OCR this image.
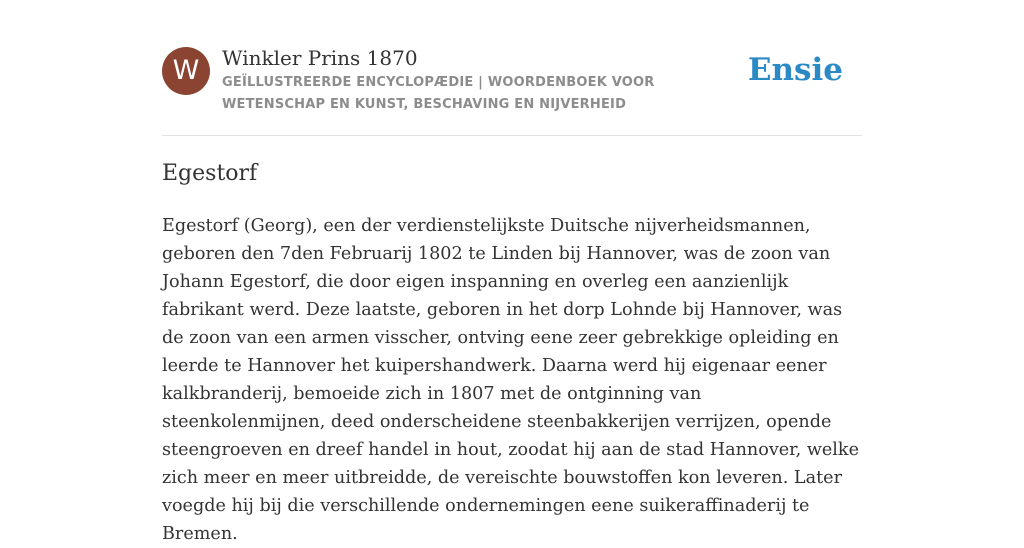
W	Winkler Prins 1870
GEÏLLUSTREERDE ENCYCLOPÆDIE | WOORDENBOEK VOOR WETENSCHAP EN KUNST, BESCHAVING EN NIJVERHEID
Ensie
Egestorf

Egestorf (Georg), een der verdienstelijkste Duitsche nijverheidsmannen, geboren den 7den Februarij 1802 te Linden bij Hannover, was de zoon van Johann Egestorf, die door eigen inspanning en overleg een aanzienlijk fabrikant werd. Deze laatste, geboren in het dorp Lohnde bij Hannover, was de zoon van een armen visscher, ontving eene zeer gebrekkige opleiding en leerde te Hannover het kuipershandwerk. Daarna werd hij eigenaar eener kalkbranderij, bemoeide zich in 1807 met de ontginning van steenkolenmijnen, deed onderscheidene steenbakkerijen verrijzen, opende steengroeven en dreef handel in hout, zoodat hij aan de stad Hannover, welke zich meer en meer uitbreidde, de vereischte bouwstoffen kon leveren. Later voegde hij bij die verschillende ondernemingen eene suikeraffinaderij te Bremen.
